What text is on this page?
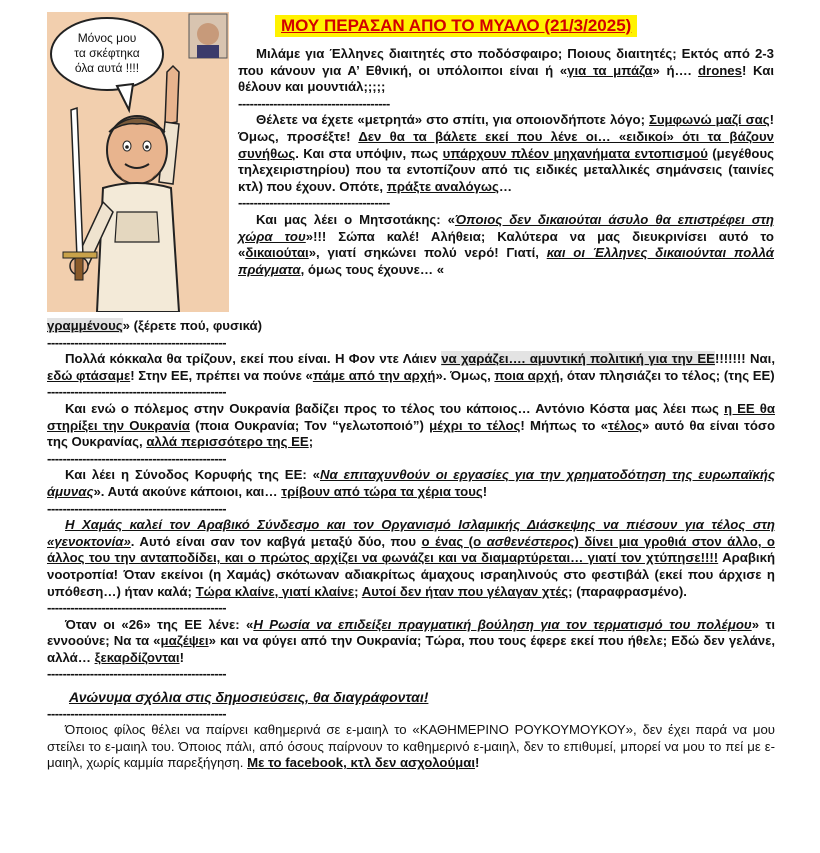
Μόνος μου
τα σκέφτηκα
όλα αυτά !!!!
ΜΟΥ ΠΕΡΑΣΑΝ ΑΠΟ ΤΟ ΜΥΑΛΟ (21/3/2025)

Μιλάμε για Έλληνες διαιτητές στο ποδόσφαιρο; Ποιους διαιτητές; Εκτός από 2-3 που κάνουν για Α’ Εθνική, οι υπόλοιποι είναι ή «για τα μπάζα» ή…. drones! Και θέλουν και μουντιάλ;;;;;

---------------------------------------

Θέλετε να έχετε «μετρητά» στο σπίτι, για οποιονδήποτε λόγο; Συμφωνώ μαζί σας! Όμως, προσέξτε! Δεν θα τα βάλετε εκεί που λένε οι… «ειδικοί» ότι τα βάζουν συνήθως. Και στα υπόψιν, πως υπάρχουν πλέον μηχανήματα εντοπισμού (μεγέθους τηλεχειριστηρίου) που τα εντοπίζουν από τις ειδικές μεταλλικές σημάνσεις (ταινίες κτλ) που έχουν. Οπότε, πράξτε αναλόγως…

---------------------------------------

Και μας λέει ο Μητσοτάκης: «Όποιος δεν δικαιούται άσυλο θα επιστρέφει στη χώρα του»!!! Σώπα καλέ! Αλήθεια; Καλύτερα να μας διευκρινίσει αυτό το «δικαιούται», γιατί σηκώνει πολύ νερό! Γιατί, και οι Έλληνες δικαιούνται πολλά πράγματα, όμως τους έχουνε… «

γραμμένους» (ξέρετε πού, φυσικά)

----------------------------------------------

Πολλά κόκκαλα θα τρίζουν, εκεί που είναι. Η Φον ντε Λάιεν να χαράζει…. αμυντική πολιτική για την ΕΕ!!!!!!! Ναι, εδώ φτάσαμε! Στην ΕΕ, πρέπει να πούνε «πάμε από την αρχή». Όμως, ποια αρχή, όταν πλησιάζει το τέλος; (της ΕΕ)

----------------------------------------------

Και ενώ ο πόλεμος στην Ουκρανία βαδίζει προς το τέλος του κάποιος… Αντόνιο Κόστα μας λέει πως η ΕΕ θα στηρίξει την Ουκρανία (ποια Ουκρανία; Τον “γελωτοποιό”) μέχρι το τέλος! Μήπως το «τέλος» αυτό θα είναι τόσο της Ουκρανίας, αλλά περισσότερο της ΕΕ;

----------------------------------------------

Και λέει η Σύνοδος Κορυφής της ΕΕ: «Να επιταχυνθούν οι εργασίες για την χρηματοδότηση της ευρωπαϊκής άμυνας». Αυτά ακούνε κάποιοι, και… τρίβουν από τώρα τα χέρια τους!

----------------------------------------------

Η Χαμάς καλεί τον Αραβικό Σύνδεσμο και τον Οργανισμό Ισλαμικής Διάσκεψης να πιέσουν για τέλος στη «γενοκτονία». Αυτό είναι σαν τον καβγά μεταξύ δύο, που ο ένας (ο ασθενέστερος) δίνει μια γροθιά στον άλλο, ο άλλος του την ανταποδίδει, και ο πρώτος αρχίζει να φωνάζει και να διαμαρτύρεται… γιατί τον χτύπησε!!!! Αραβική νοοτροπία! Όταν εκείνοι (η Χαμάς) σκότωναν αδιακρίτως άμαχους ισραηλινούς στο φεστιβάλ (εκεί που άρχισε η υπόθεση…) ήταν καλά; Τώρα κλαίνε, γιατί κλαίνε; Αυτοί δεν ήταν που γέλαγαν χτές; (παραφρασμένο).

----------------------------------------------

Όταν οι «26» της ΕΕ λένε: «Η Ρωσία να επιδείξει πραγματική βούληση για τον τερματισμό του πολέμου» τι εννοούνε; Να τα «μαζέψει» και να φύγει από την Ουκρανία; Τώρα, που τους έφερε εκεί που ήθελε; Εδώ δεν γελάνε, αλλά… ξεκαρδίζονται!

----------------------------------------------
Ανώνυμα σχόλια στις δημοσιεύσεις, θα διαγράφονται!
----------------------------------------------

Όποιος φίλος θέλει να παίρνει καθημερινά σε ε-μαιηλ το «ΚΑΘΗΜΕΡΙΝΟ ΡΟΥΚΟΥΜΟΥΚΟΥ», δεν έχει παρά να μου στείλει το ε-μαιηλ του. Όποιος πάλι, από όσους παίρνουν το καθημερινό ε-μαιηλ, δεν το επιθυμεί, μπορεί να μου το πεί με ε-μαιηλ, χωρίς καμμία παρεξήγηση. Με το facebook, κτλ δεν ασχολούμαι!
